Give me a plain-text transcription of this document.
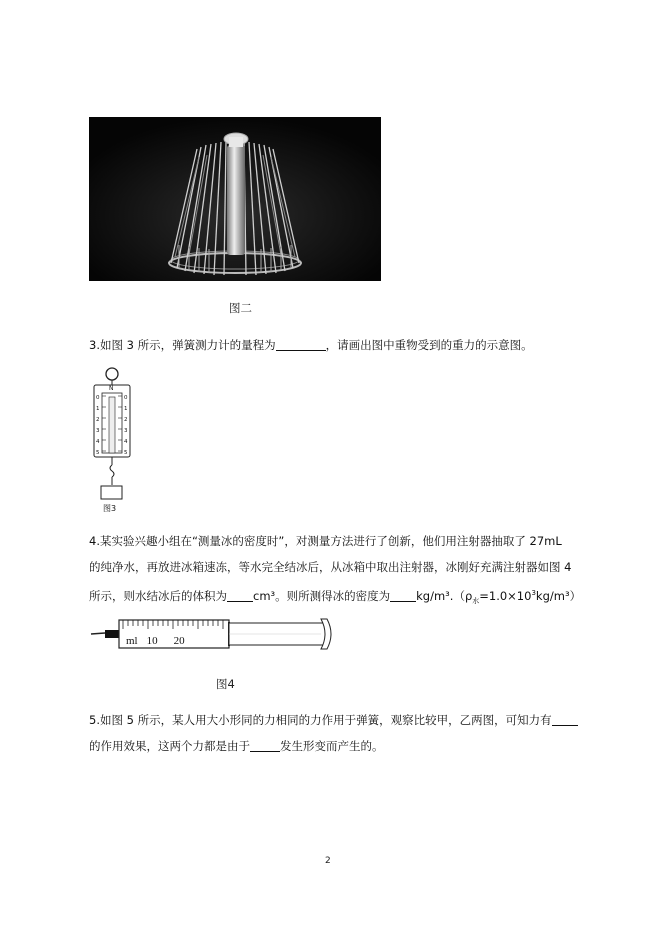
图二
3.如图 3 所示，弹簧测力计的量程为	，请画出图中重物受到的重力的示意图。
N
0
1
2
3
4
5
0
1
2
3
4
5
图3
4.某实验兴趣小组在“测量冰的密度时”，对测量方法进行了创新，他们用注射器抽取了 27mL
的纯净水，再放进冰箱速冻，等水完全结冰后，从冰箱中取出注射器，冰刚好充满注射器如图 4
所示，则水结冰后的体积为 cm³。则所测得冰的密度为 $kg/m^3.(\rho_水=1.0\times 10^3kg/m^3)$
ml 10 20
图4
5.如图 5 所示，某人用大小形同的力相同的力作用于弹簧，观察比较甲，乙两图，可知力有
的作用效果，这两个力都是由于	发生形变而产生的。
2
